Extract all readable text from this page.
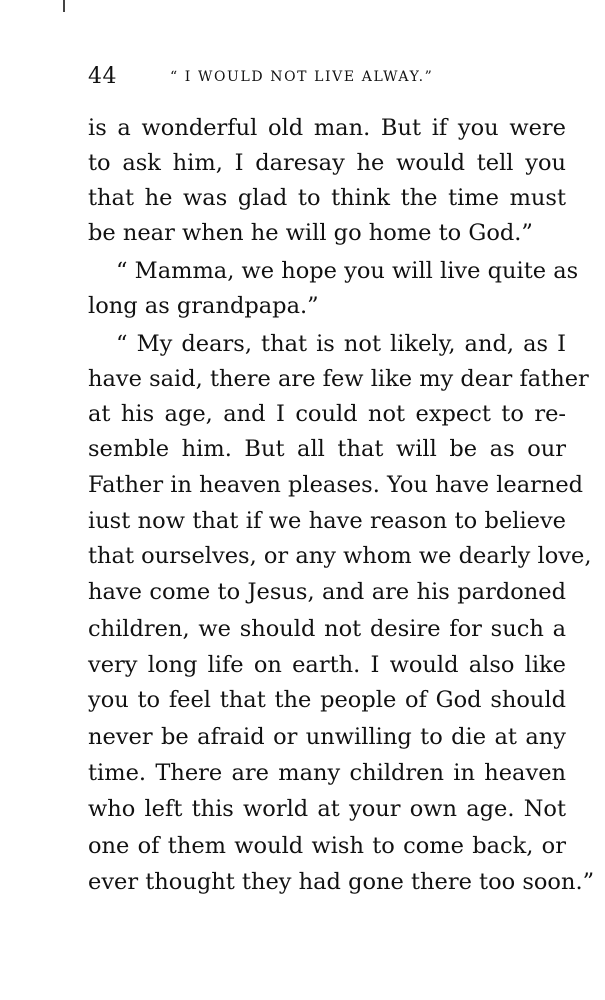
44	“ I WOULD NOT LIVE ALWAY.”
is a wonderful old man. But if you were
to ask him, I daresay he would tell you
that he was glad to think the time must
be near when he will go home to God.”
“ Mamma, we hope you will live quite as
long as grandpapa.”
“ My dears, that is not likely, and, as I
have said, there are few like my dear father
at his age, and I could not expect to re-
semble him. But all that will be as our
Father in heaven pleases. You have learned
iust now that if we have reason to believe
that ourselves, or any whom we dearly love,
have come to Jesus, and are his pardoned
children, we should not desire for such a
very long life on earth. I would also like
you to feel that the people of God should
never be afraid or unwilling to die at any
time. There are many children in heaven
who left this world at your own age. Not
one of them would wish to come back, or
ever thought they had gone there too soon.”
